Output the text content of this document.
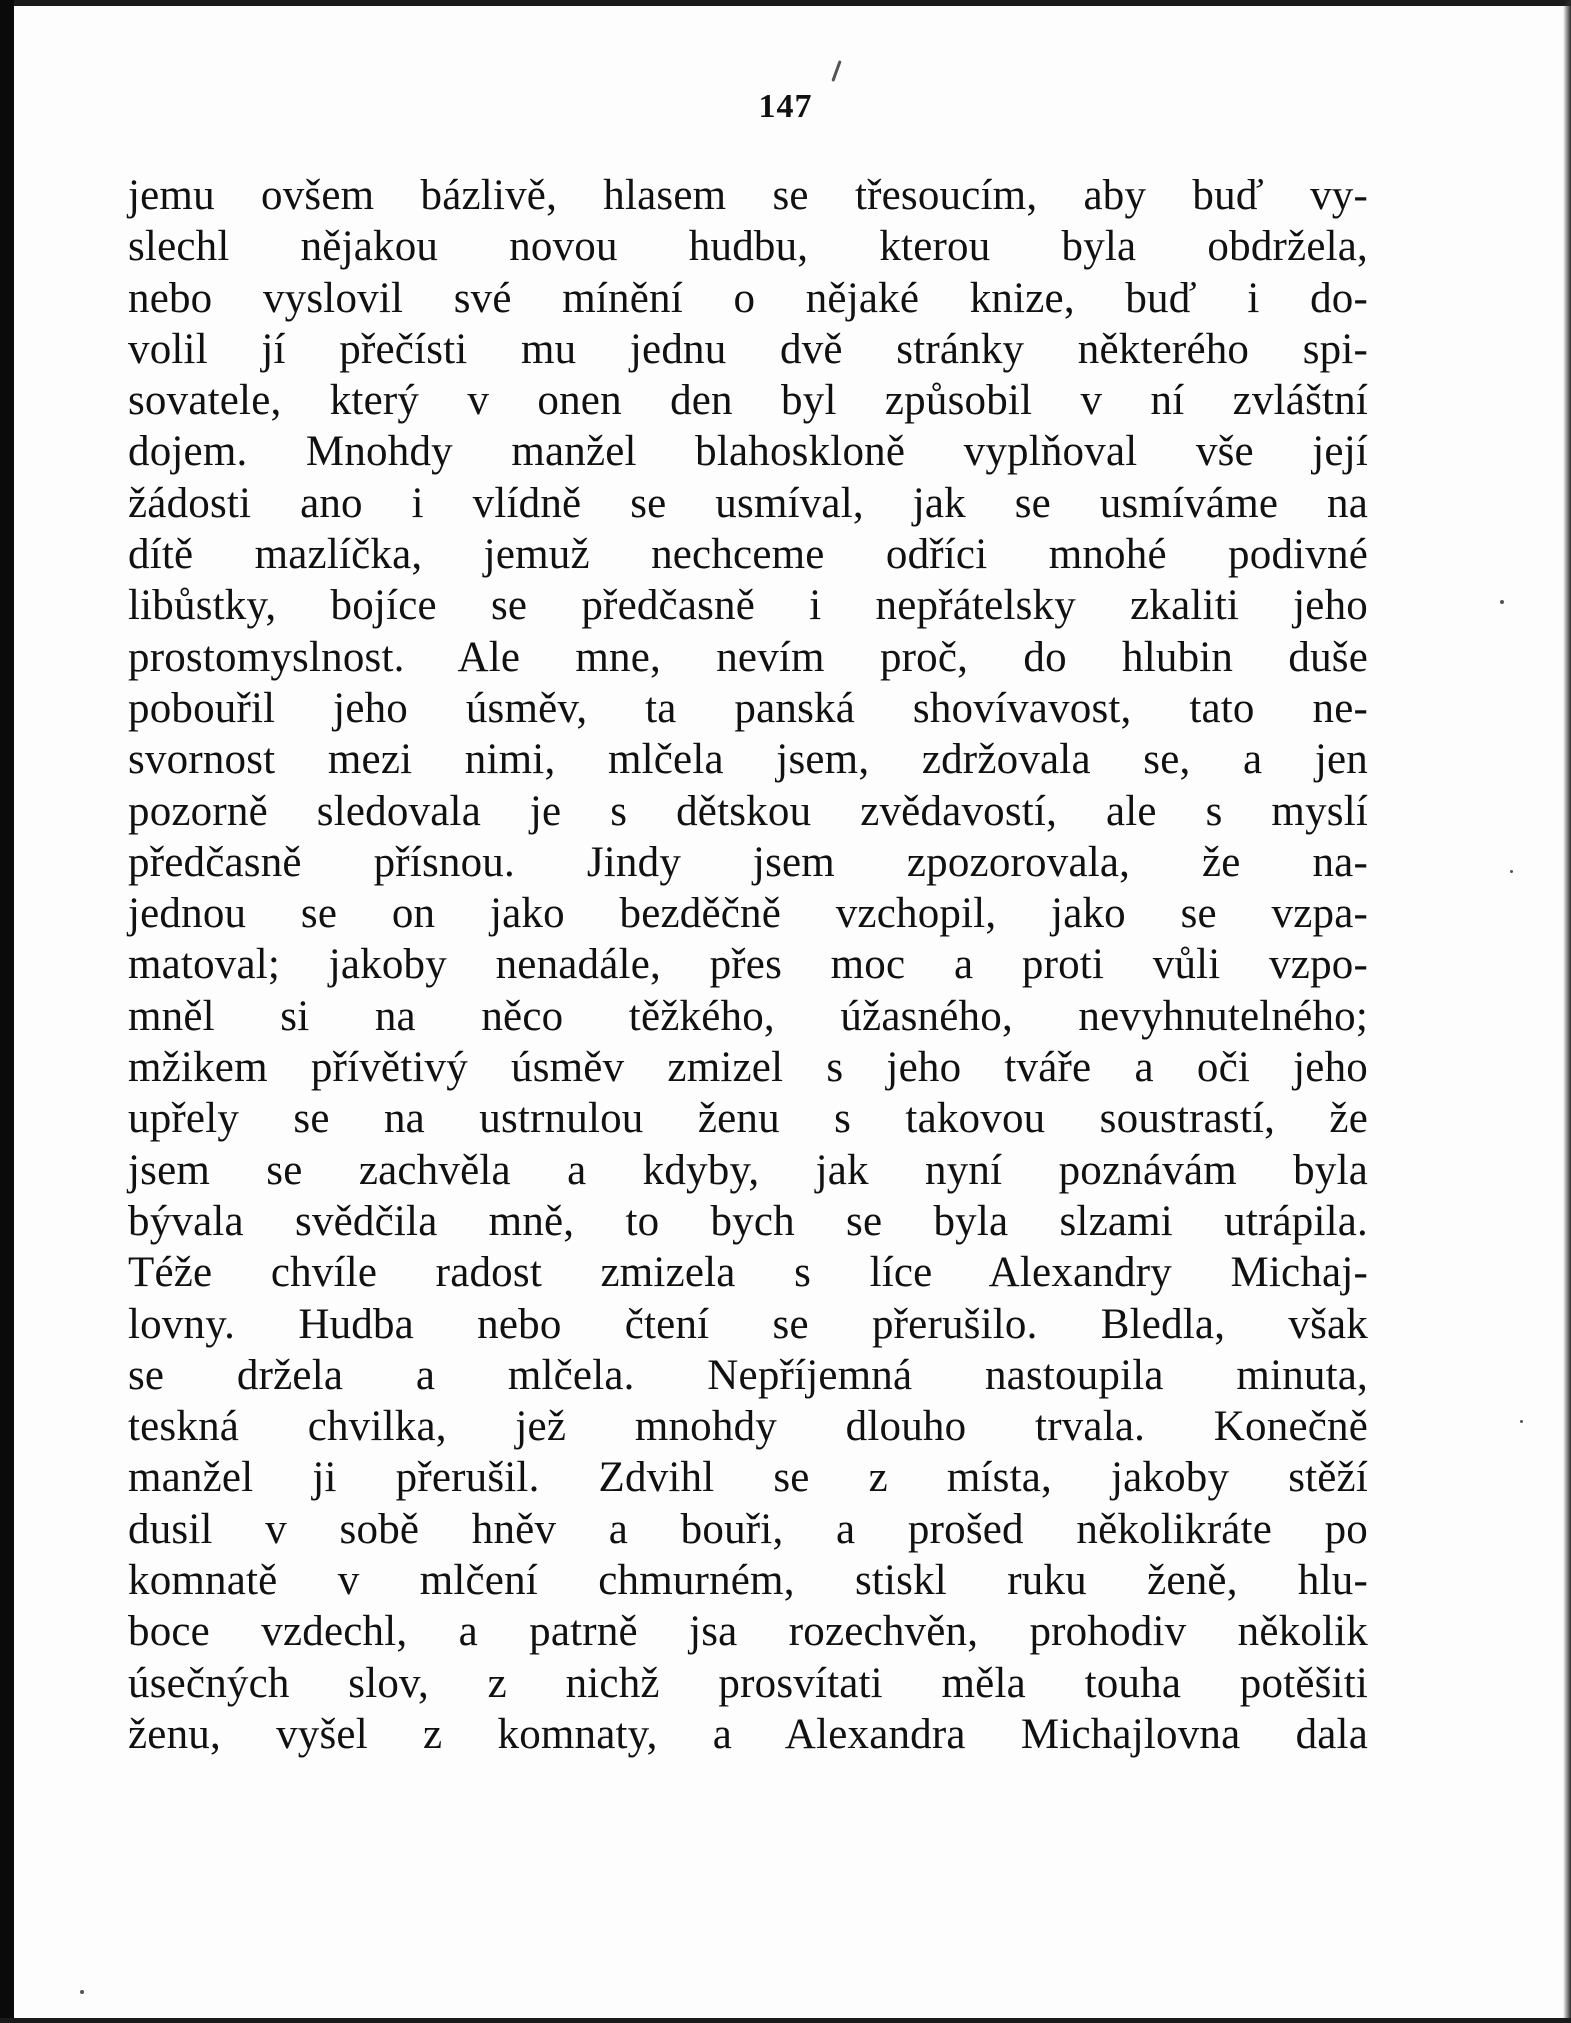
147
jemu ovšem bázlivě, hlasem se třesoucím, aby buď vy-
slechl nějakou novou hudbu, kterou byla obdržela,
nebo vyslovil své mínění o nějaké knize, buď i do-
volil jí přečísti mu jednu dvě stránky některého spi-
sovatele, který v onen den byl způsobil v ní zvláštní
dojem. Mnohdy manžel blahoskloně vyplňoval vše její
žádosti ano i vlídně se usmíval, jak se usmíváme na
dítě mazlíčka, jemuž nechceme odříci mnohé podivné
libůstky, bojíce se předčasně i nepřátelsky zkaliti jeho
prostomyslnost. Ale mne, nevím proč, do hlubin duše
pobouřil jeho úsměv, ta panská shovívavost, tato ne-
svornost mezi nimi, mlčela jsem, zdržovala se, a jen
pozorně sledovala je s dětskou zvědavostí, ale s myslí
předčasně přísnou. Jindy jsem zpozorovala, že na-
jednou se on jako bezděčně vzchopil, jako se vzpa-
matoval; jakoby nenadále, přes moc a proti vůli vzpo-
mněl si na něco těžkého, úžasného, nevyhnutelného;
mžikem přívětivý úsměv zmizel s jeho tváře a oči jeho
upřely se na ustrnulou ženu s takovou soustrastí, že
jsem se zachvěla a kdyby, jak nyní poznávám byla
bývala svědčila mně, to bych se byla slzami utrápila.
Téže chvíle radost zmizela s líce Alexandry Michaj-
lovny. Hudba nebo čtení se přerušilo. Bledla, však
se držela a mlčela. Nepříjemná nastoupila minuta,
teskná chvilka, jež mnohdy dlouho trvala. Konečně
manžel ji přerušil. Zdvihl se z místa, jakoby stěží
dusil v sobě hněv a bouři, a prošed několikráte po
komnatě v mlčení chmurném, stiskl ruku ženě, hlu-
boce vzdechl, a patrně jsa rozechvěn, prohodiv několik
úsečných slov, z nichž prosvítati měla touha potěšiti
ženu, vyšel z komnaty, a Alexandra Michajlovna dala
